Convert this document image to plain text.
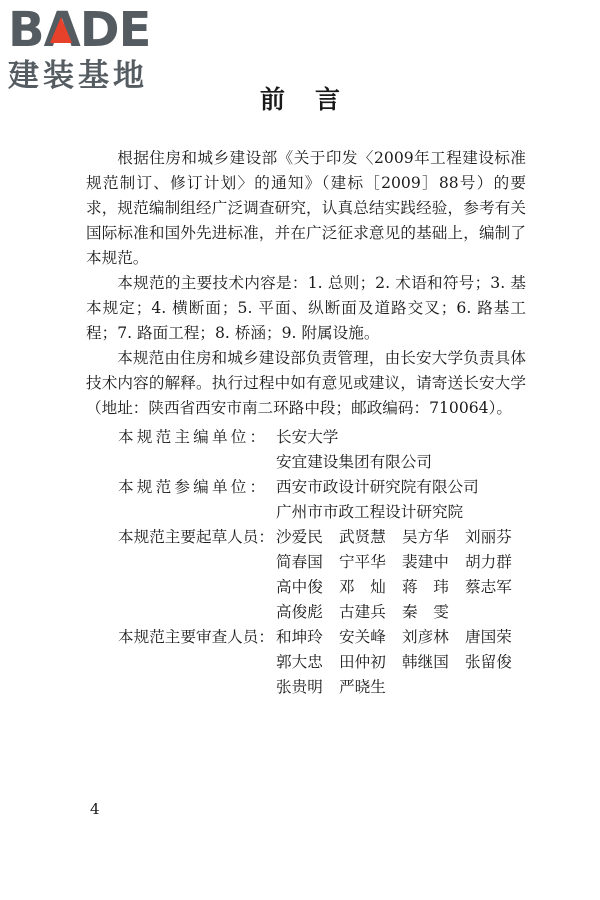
BA
DE
建装基地
前言

根据住房和城乡建设部《关于印发〈2009年工程建设标准规范制订、修订计划〉的通知》（建标［2009］88号）的要求，规范编制组经广泛调查研究，认真总结实践经验，参考有关国际标准和国外先进标准，并在广泛征求意见的基础上，编制了本规范。

本规范的主要技术内容是：1. 总则；2. 术语和符号；3. 基本规定；4. 横断面；5. 平面、纵断面及道路交叉；6. 路基工程；7. 路面工程；8. 桥涵；9. 附属设施。

本规范由住房和城乡建设部负责管理，由长安大学负责具体技术内容的解释。执行过程中如有意见或建议，请寄送长安大学（地址：陕西省西安市南二环路中段；邮政编码：710064）。

本规范主编单位： 长安大学
安宜建设集团有限公司
本规范参编单位： 西安市政设计研究院有限公司
广州市市政工程设计研究院
本规范主要起草人员： 沙爱民	武贤慧	吴方华	刘丽芬
简春国	宁平华	裴建中	胡力群
高中俊	邓　灿	蒋　玮	蔡志军
高俊彪	古建兵	秦　雯
本规范主要审查人员： 和坤玲	安关峰	刘彦林	唐国荣
郭大忠	田仲初	韩继国	张留俊
张贵明	严晓生
4
